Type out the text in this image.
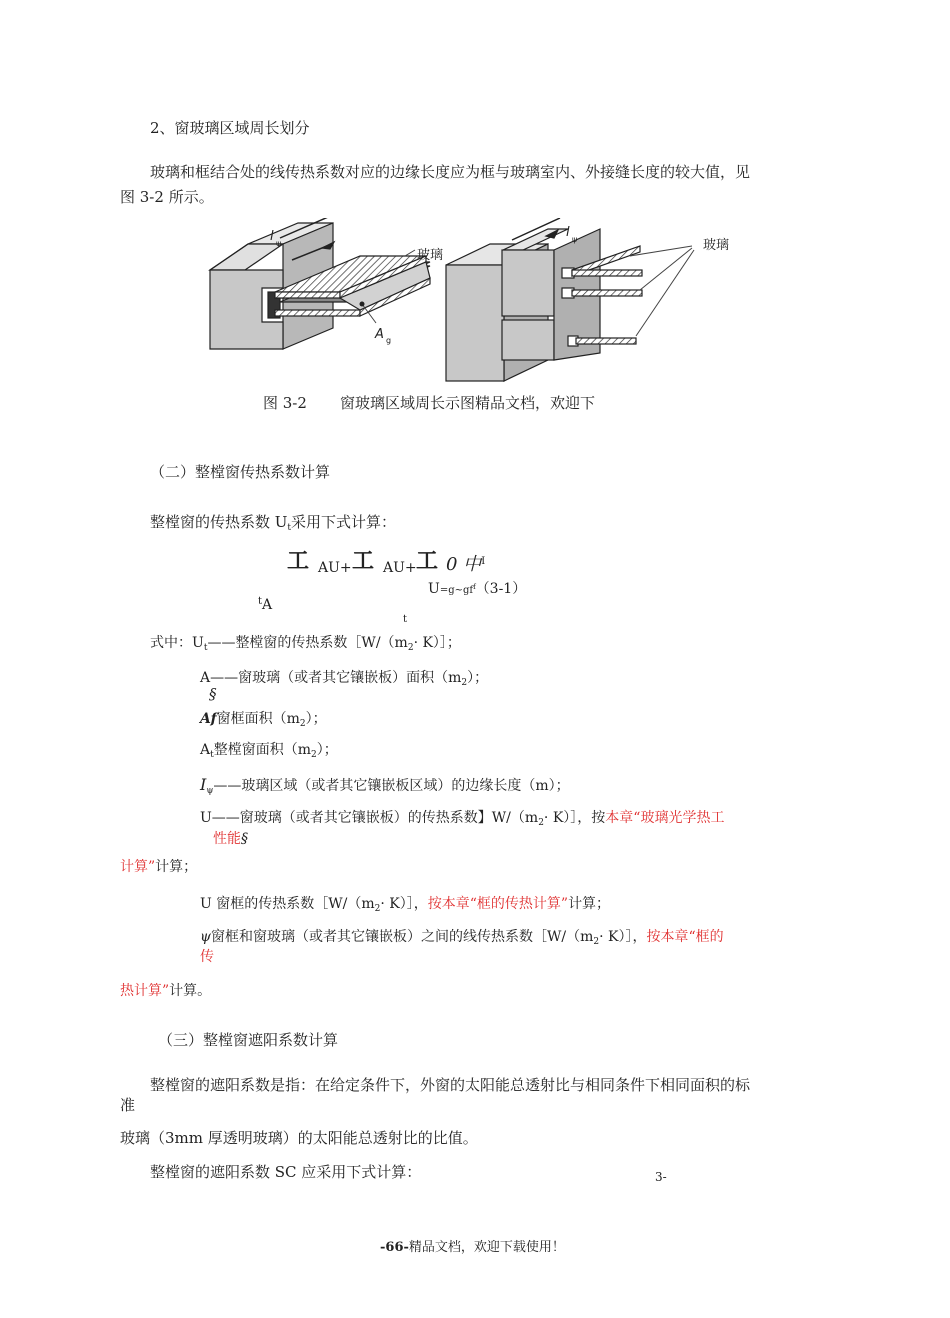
2、窗玻璃区域周长划分
玻璃和框结合处的线传热系数对应的边缘长度应为框与玻璃室内、外接缝长度的较大值，见
图 3-2 所示。
l ψ
玻璃
A g
l ψ	玻璃
图 3-2 窗玻璃区域周长示图精品文档，欢迎下
（二）整樘窗传热系数计算
整樘窗的传热系数 $U_t$采用下式计算：
工 AU+ 工 AU+ 工 0 中$^I$
$U=g\sim gf^f(3-1)$
$^t$A
t
式中：$U_t——$整樘窗的传热系数$[W/(m_2\cdot$ K）］；
A——窗玻璃（或者其它镶嵌板）面积$(m_2)$；
§
Af窗框面积$(m_2)$；
$A_t$整樘窗面积$(m_2)$；
$I_\psi——$玻璃区域（或者其它镶嵌板区域）的边缘长度（m）；
U——窗玻璃（或者其它镶嵌板）的传热系数】$W/(m_2\cdot$ K）］，按本章“玻璃光学热工
性能§
计算”计算；
U 窗框的传热系数$[W/(m_2\cdot$ K）］，按本章“框的传热计算”计算；
ψ窗框和窗玻璃（或者其它镶嵌板）之间的线传热系数$[W/(m_2\cdot$ K）］，按本章“框的
传
热计算”计算。
（三）整樘窗遮阳系数计算
整樘窗的遮阳系数是指：在给定条件下，外窗的太阳能总透射比与相同条件下相同面积的标
准
玻璃（3mm 厚透明玻璃）的太阳能总透射比的比值。
整樘窗的遮阳系数 SC 应采用下式计算：	3-
-66-精品文档，欢迎下载使用！
